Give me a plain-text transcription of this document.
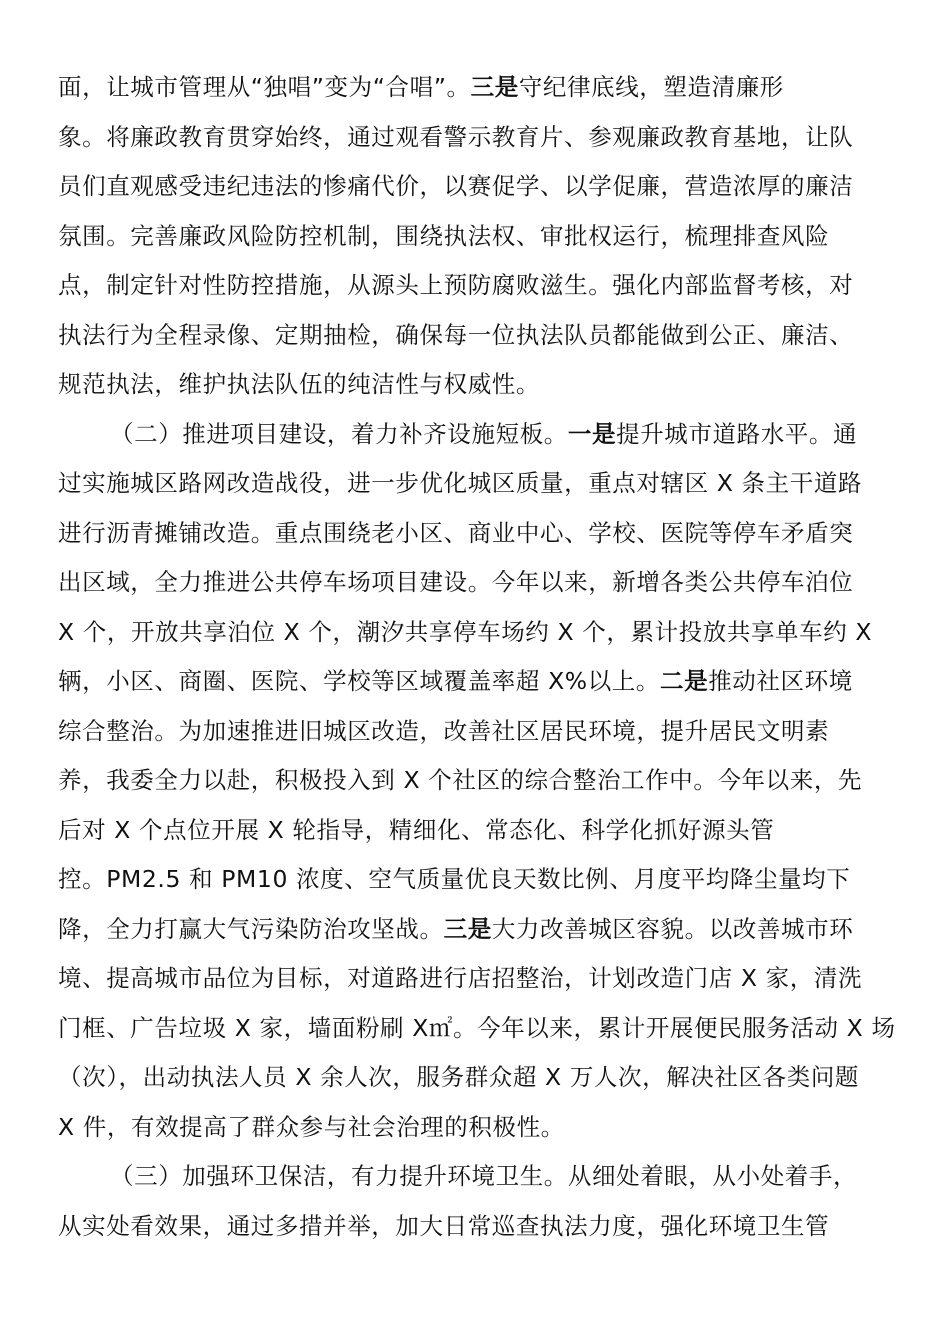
面，让城市管理从“独唱”变为“合唱”。三是守纪律底线，塑造清廉形
象。将廉政教育贯穿始终，通过观看警示教育片、参观廉政教育基地，让队
员们直观感受违纪违法的惨痛代价，以赛促学、以学促廉，营造浓厚的廉洁
氛围。完善廉政风险防控机制，围绕执法权、审批权运行，梳理排查风险
点，制定针对性防控措施，从源头上预防腐败滋生。强化内部监督考核，对
执法行为全程录像、定期抽检，确保每一位执法队员都能做到公正、廉洁、
规范执法，维护执法队伍的纯洁性与权威性。
（二）推进项目建设，着力补齐设施短板。一是提升城市道路水平。通
过实施城区路网改造战役，进一步优化城区质量，重点对辖区 X 条主干道路
进行沥青摊铺改造。重点围绕老小区、商业中心、学校、医院等停车矛盾突
出区域，全力推进公共停车场项目建设。今年以来，新增各类公共停车泊位
X 个，开放共享泊位 X 个，潮汐共享停车场约 X 个，累计投放共享单车约 X
辆，小区、商圈、医院、学校等区域覆盖率超 X%以上。二是推动社区环境
综合整治。为加速推进旧城区改造，改善社区居民环境，提升居民文明素
养，我委全力以赴，积极投入到 X 个社区的综合整治工作中。今年以来，先
后对 X 个点位开展 X 轮指导，精细化、常态化、科学化抓好源头管
控。PM2.5 和 PM10 浓度、空气质量优良天数比例、月度平均降尘量均下
降，全力打赢大气污染防治攻坚战。三是大力改善城区容貌。以改善城市环
境、提高城市品位为目标，对道路进行店招整治，计划改造门店 X 家，清洗
门框、广告垃圾 X 家，墙面粉刷 X㎡。今年以来，累计开展便民服务活动 X 场
（次），出动执法人员 X 余人次，服务群众超 X 万人次，解决社区各类问题
X 件，有效提高了群众参与社会治理的积极性。
（三）加强环卫保洁，有力提升环境卫生。从细处着眼，从小处着手，
从实处看效果，通过多措并举，加大日常巡查执法力度，强化环境卫生管
